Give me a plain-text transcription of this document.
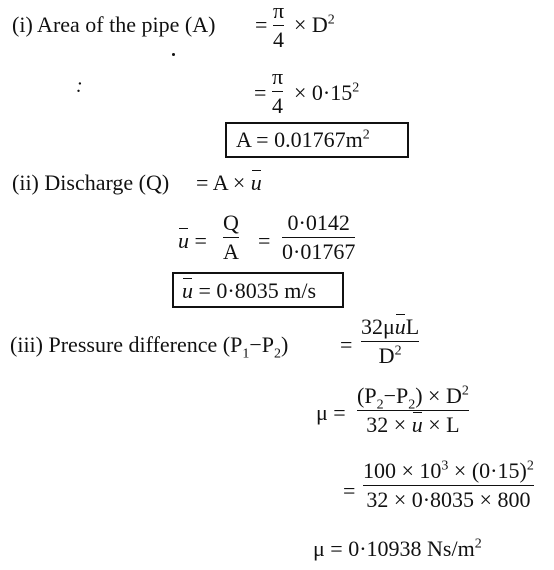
:
(i) Area of the pipe (A) =
π
4
× $D^2$
=
π
4
× $0\cdot 15^2$
$A = 0.01767m^2$
(ii) Discharge (Q) = A × u
u =
Q
A =
0·0142
0·01767
u = 0·8035 m/s
(iii) Pressure difference $(P_1-P_2)$ =
32μuL
$D^2$
μ =
$(P_2-P_2) \times D^2$
32 × u × L
=
$100 \times 10^3 \times (0\cdot 15)^2$
32 × 0·8035 × 800
μ = 0·10938 $Ns/m^2$
